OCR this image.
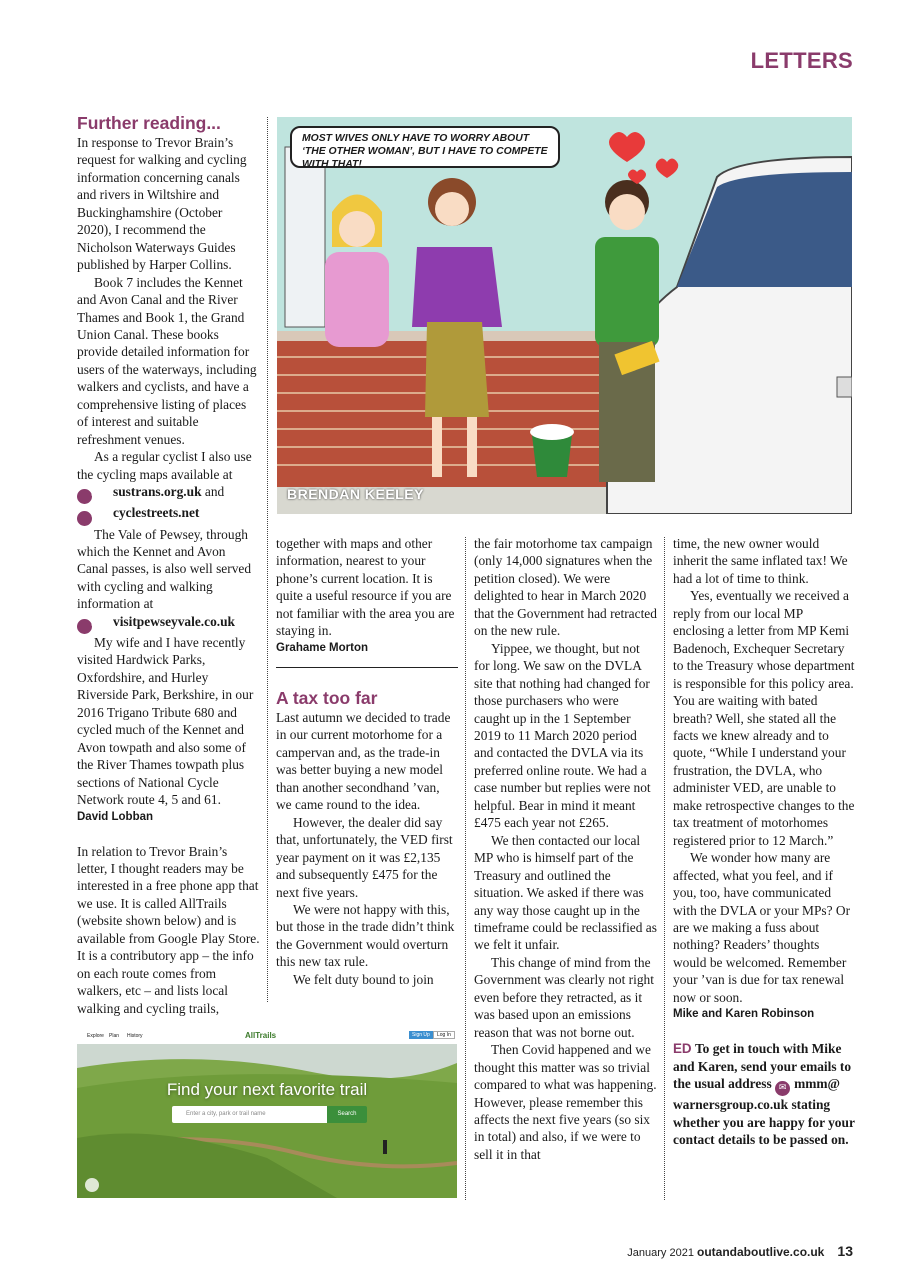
LETTERS
Further reading...

In response to Trevor Brain’s request for walking and cycling information concerning canals and rivers in Wiltshire and Buckinghamshire (October 2020), I recommend the Nicholson Waterways Guides published by Harper Collins.

Book 7 includes the Kennet and Avon Canal and the River Thames and Book 1, the Grand Union Canal. These books provide detailed information for users of the waterways, including walkers and cyclists, and have a comprehensive listing of places of interest and suitable refreshment venues.

As a regular cyclist I also use the cycling maps available at
⚬ sustrans.org.uk and
⚬ cyclestreets.net

The Vale of Pewsey, through which the Kennet and Avon Canal passes, is also well served with cycling and walking information at
⚬ visitpewseyvale.co.uk

My wife and I have recently visited Hardwick Parks, Oxfordshire, and Hurley Riverside Park, Berkshire, in our 2016 Trigano Tribute 680 and cycled much of the Kennet and Avon towpath and also some of the River Thames towpath plus sections of National Cycle Network route 4, 5 and 61.

David Lobban

In relation to Trevor Brain’s letter, I thought readers may be interested in a free phone app that we use. It is called AllTrails (website shown below) and is available from Google Play Store. It is a contributory app – the info on each route comes from walkers, etc – and lists local walking and cycling trails,

MOST WIVES ONLY HAVE TO WORRY ABOUT ‘THE OTHER WOMAN’, BUT I HAVE TO COMPETE WITH THAT!
BRENDAN KEELEY

together with maps and other information, nearest to your phone’s current location. It is quite a useful resource if you are not familiar with the area you are staying in.

Grahame Morton
A tax too far

Last autumn we decided to trade in our current motorhome for a campervan and, as the trade-in was better buying a new model than another secondhand ’van, we came round to the idea.

However, the dealer did say that, unfortunately, the VED first year payment on it was £2,135 and subsequently £475 for the next five years.

We were not happy with this, but those in the trade didn’t think the Government would overturn this new tax rule.

We felt duty bound to join

the fair motorhome tax campaign (only 14,000 signatures when the petition closed). We were delighted to hear in March 2020 that the Government had retracted on the new rule.

Yippee, we thought, but not for long. We saw on the DVLA site that nothing had changed for those purchasers who were caught up in the 1 September 2019 to 11 March 2020 period and contacted the DVLA via its preferred online route. We had a case number but replies were not helpful. Bear in mind it meant £475 each year not £265.

We then contacted our local MP who is himself part of the Treasury and outlined the situation. We asked if there was any way those caught up in the timeframe could be reclassified as we felt it unfair.

This change of mind from the Government was clearly not right even before they retracted, as it was based upon an emissions reason that was not borne out.

Then Covid happened and we thought this matter was so trivial compared to what was happening. However, please remember this affects the next five years (so six in total) and also, if we were to sell it in that

time, the new owner would inherit the same inflated tax! We had a lot of time to think.

Yes, eventually we received a reply from our local MP enclosing a letter from MP Kemi Badenoch, Exchequer Secretary to the Treasury whose department is responsible for this policy area. You are waiting with bated breath? Well, she stated all the facts we knew already and to quote, “While I understand your frustration, the DVLA, who administer VED, are unable to make retrospective changes to the tax treatment of motorhomes registered prior to 12 March.”

We wonder how many are affected, what you feel, and if you, too, have communicated with the DVLA or your MPs? Or are we making a fuss about nothing? Readers’ thoughts would be welcomed. Remember your ’van is due for tax renewal now or soon.

Mike and Karen Robinson

ED To get in touch with Mike and Karen, send your emails to the usual address ✉ mmm@ warnersgroup.co.uk stating whether you are happy for your contact details to be passed on.

Explore Plan History	AllTrails	Sign Up	Log In
Find your next favorite trail
Enter a city, park or trail name	Search
January 2021 outandaboutlive.co.uk 13
